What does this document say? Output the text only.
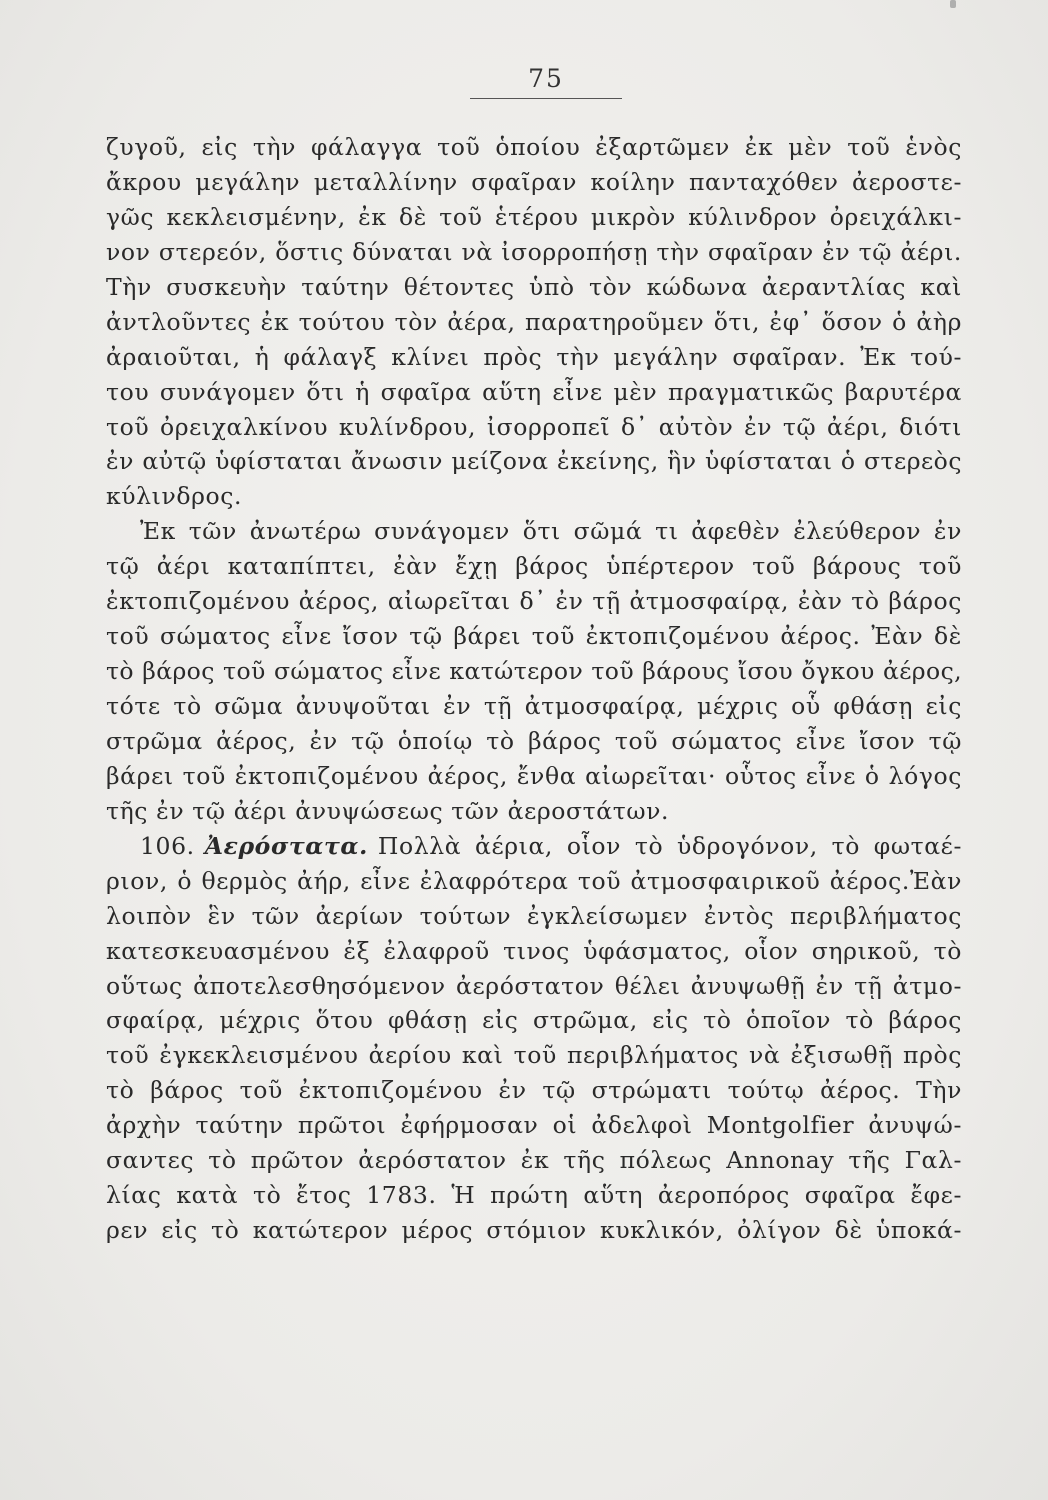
75
ζυγοῦ, εἰς τὴν φάλαγγα τοῦ ὁποίου ἐξαρτῶμεν ἐκ μὲν τοῦ ἑνὸς
ἄκρου μεγάλην μεταλλίνην σφαῖραν κοίλην πανταχόθεν ἀεροστε-
γῶς κεκλεισμένην, ἐκ δὲ τοῦ ἑτέρου μικρὸν κύλινδρον ὀρειχάλκι-
νον στερεόν, ὅστις δύναται νὰ ἰσορροπήσῃ τὴν σφαῖραν ἐν τῷ ἀέρι.
Τὴν συσκευὴν ταύτην θέτοντες ὑπὸ τὸν κώδωνα ἀεραντλίας καὶ
ἀντλοῦντες ἐκ τούτου τὸν ἀέρα, παρατηροῦμεν ὅτι, ἐφ᾽ ὅσον ὁ ἀὴρ
ἀραιοῦται, ἡ φάλαγξ κλίνει πρὸς τὴν μεγάλην σφαῖραν. Ἐκ τού-
του συνάγομεν ὅτι ἡ σφαῖρα αὕτη εἶνε μὲν πραγματικῶς βαρυτέρα
τοῦ ὀρειχαλκίνου κυλίνδρου, ἰσορροπεῖ δ᾽ αὐτὸν ἐν τῷ ἀέρι, διότι
ἐν αὐτῷ ὑφίσταται ἄνωσιν μείζονα ἐκείνης, ἣν ὑφίσταται ὁ στερεὸς
κύλινδρος.
Ἐκ τῶν ἀνωτέρω συνάγομεν ὅτι σῶμά τι ἀφεθὲν ἐλεύθερον ἐν
τῷ ἀέρι καταπίπτει, ἐὰν ἔχῃ βάρος ὑπέρτερον τοῦ βάρους τοῦ
ἐκτοπιζομένου ἀέρος, αἰωρεῖται δ᾽ ἐν τῇ ἀτμοσφαίρᾳ, ἐὰν τὸ βάρος
τοῦ σώματος εἶνε ἴσον τῷ βάρει τοῦ ἐκτοπιζομένου ἀέρος. Ἐὰν δὲ
τὸ βάρος τοῦ σώματος εἶνε κατώτερον τοῦ βάρους ἴσου ὄγκου ἀέρος,
τότε τὸ σῶμα ἀνυψοῦται ἐν τῇ ἀτμοσφαίρᾳ, μέχρις οὗ φθάσῃ εἰς
στρῶμα ἀέρος, ἐν τῷ ὁποίῳ τὸ βάρος τοῦ σώματος εἶνε ἴσον τῷ
βάρει τοῦ ἐκτοπιζομένου ἀέρος, ἔνθα αἰωρεῖται· οὗτος εἶνε ὁ λόγος
τῆς ἐν τῷ ἀέρι ἀνυψώσεως τῶν ἀεροστάτων.
106. Ἀερόστατα. Πολλὰ ἀέρια, οἷον τὸ ὑδρογόνον, τὸ φωταέ-
ριον, ὁ θερμὸς ἀήρ, εἶνε ἐλαφρότερα τοῦ ἀτμοσφαιρικοῦ ἀέρος.Ἐὰν
λοιπὸν ἓν τῶν ἀερίων τούτων ἐγκλείσωμεν ἐντὸς περιβλήματος
κατεσκευασμένου ἐξ ἐλαφροῦ τινος ὑφάσματος, οἷον σηρικοῦ, τὸ
οὕτως ἀποτελεσθησόμενον ἀερόστατον θέλει ἀνυψωθῇ ἐν τῇ ἀτμο-
σφαίρᾳ, μέχρις ὅτου φθάσῃ εἰς στρῶμα, εἰς τὸ ὁποῖον τὸ βάρος
τοῦ ἐγκεκλεισμένου ἀερίου καὶ τοῦ περιβλήματος νὰ ἐξισωθῇ πρὸς
τὸ βάρος τοῦ ἐκτοπιζομένου ἐν τῷ στρώματι τούτῳ ἀέρος. Τὴν
ἀρχὴν ταύτην πρῶτοι ἐφήρμοσαν οἱ ἀδελφοὶ Montgolfier ἀνυψώ-
σαντες τὸ πρῶτον ἀερόστατον ἐκ τῆς πόλεως Annonay τῆς Γαλ-
λίας κατὰ τὸ ἔτος 1783. Ἡ πρώτη αὕτη ἀεροπόρος σφαῖρα ἔφε-
ρεν εἰς τὸ κατώτερον μέρος στόμιον κυκλικόν, ὀλίγον δὲ ὑποκά-
